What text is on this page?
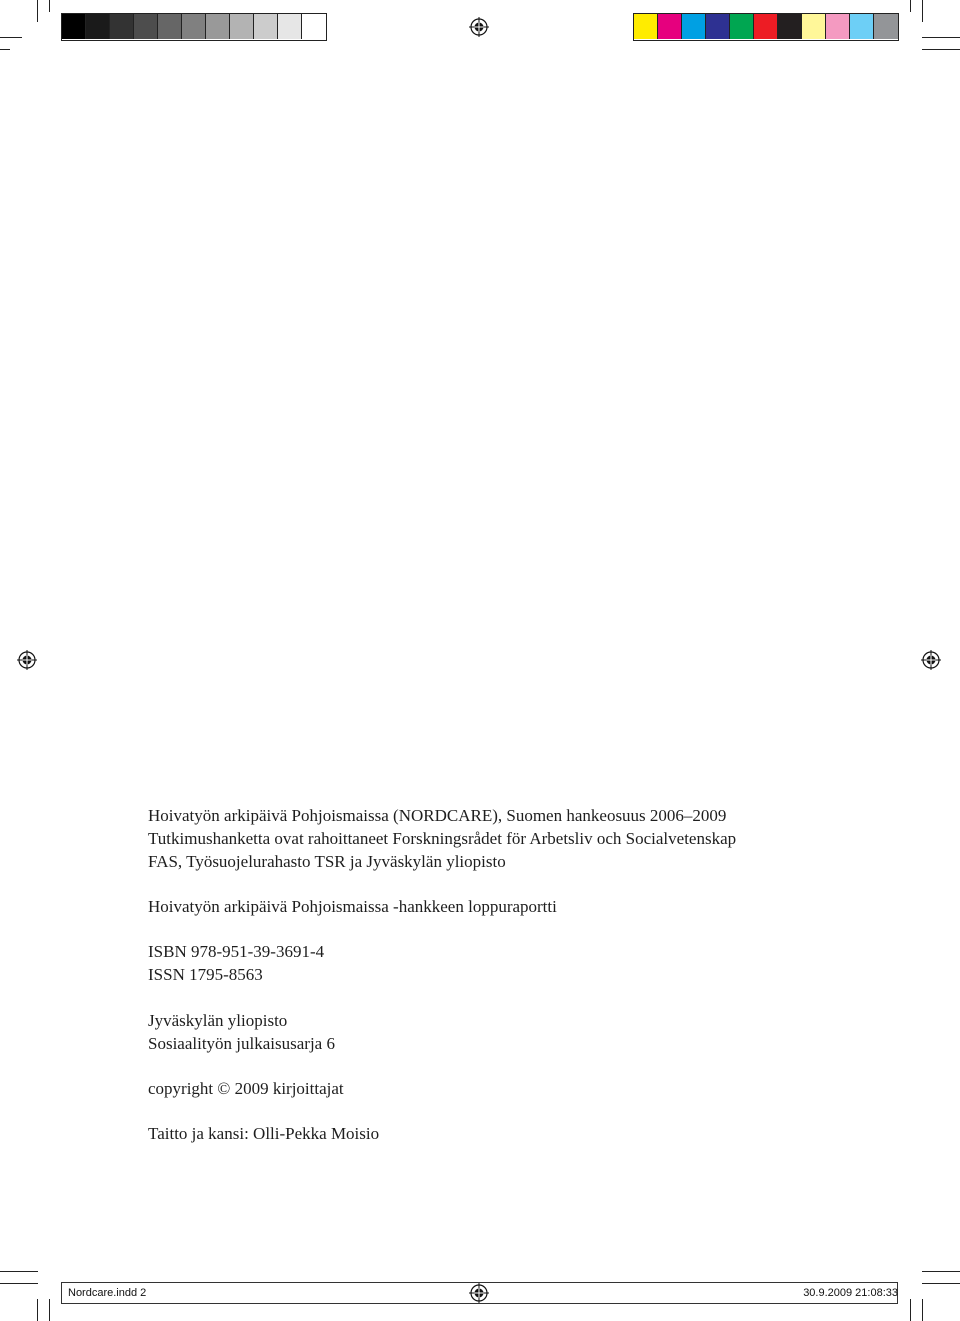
Hoivatyön arkipäivä Pohjoismaissa (NORDCARE), Suomen hankeosuus 2006–2009
Tutkimushanketta ovat rahoittaneet Forskningsrådet för Arbetsliv och Socialvetenskap
FAS, Työsuojelurahasto TSR ja Jyväskylän yliopisto
Hoivatyön arkipäivä Pohjoismaissa -hankkeen loppuraportti
ISBN 978-951-39-3691-4
ISSN 1795-8563
Jyväskylän yliopisto
Sosiaalityön julkaisusarja 6
copyright © 2009 kirjoittajat
Taitto ja kansi: Olli-Pekka Moisio
Nordcare.indd 2	30.9.2009 21:08:33
